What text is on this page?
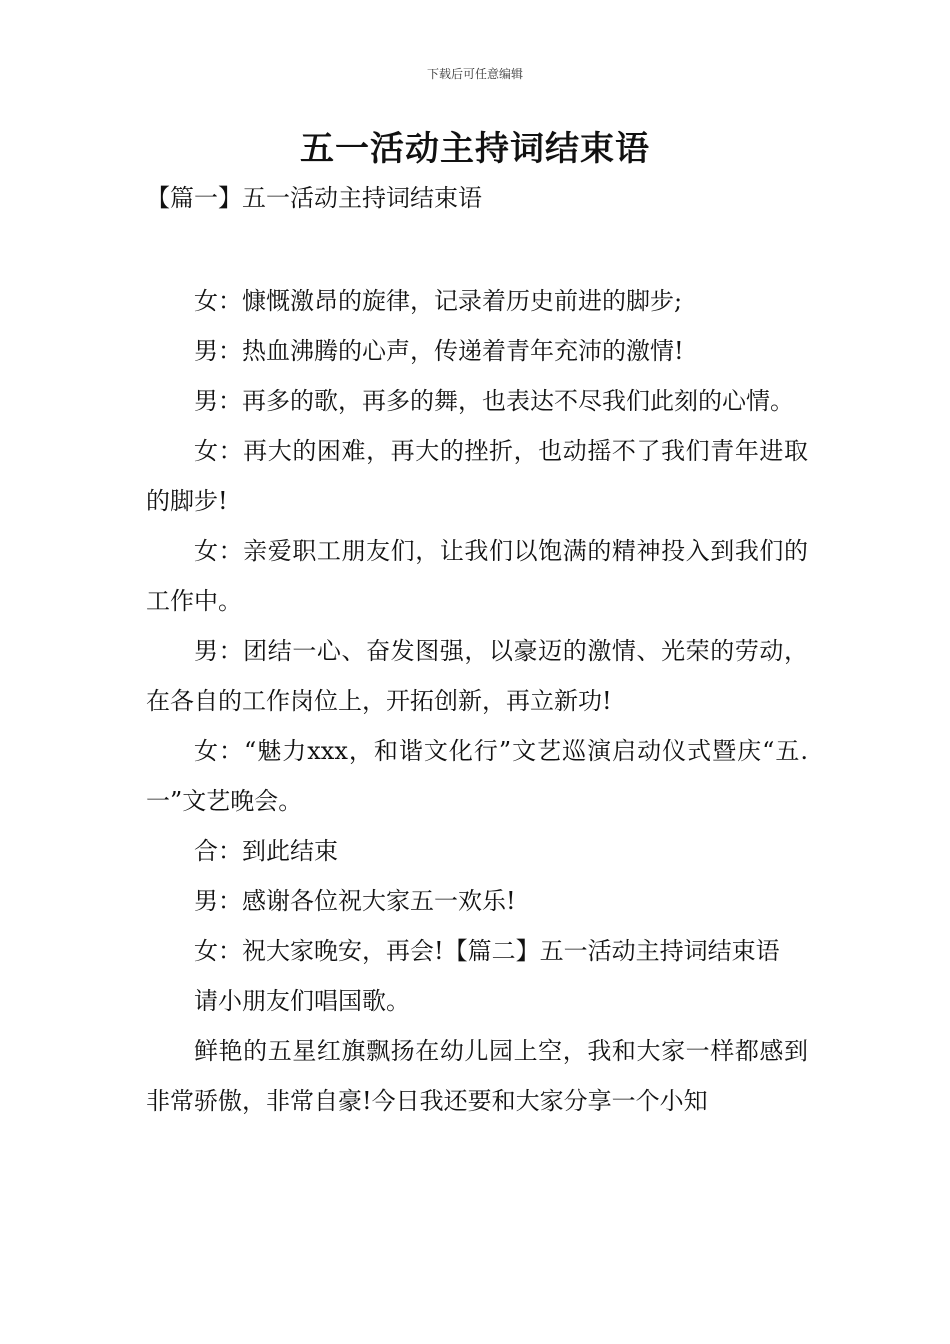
下载后可任意编辑
五一活动主持词结束语
【篇一】五一活动主持词结束语

女：慷慨激昂的旋律，记录着历史前进的脚步;

男：热血沸腾的心声，传递着青年充沛的激情!

男：再多的歌，再多的舞，也表达不尽我们此刻的心情。

女：再大的困难，再大的挫折，也动摇不了我们青年进取的脚步!

女：亲爱职工朋友们，让我们以饱满的精神投入到我们的工作中。

男：团结一心、奋发图强，以豪迈的激情、光荣的劳动，在各自的工作岗位上，开拓创新，再立新功!

女：“魅力xxx，和谐文化行”文艺巡演启动仪式暨庆“五.一”文艺晚会。

合：到此结束

男：感谢各位祝大家五一欢乐!

女：祝大家晚安，再会!【篇二】五一活动主持词结束语

请小朋友们唱国歌。

鲜艳的五星红旗飘扬在幼儿园上空，我和大家一样都感到非常骄傲，非常自豪!今日我还要和大家分享一个小知
